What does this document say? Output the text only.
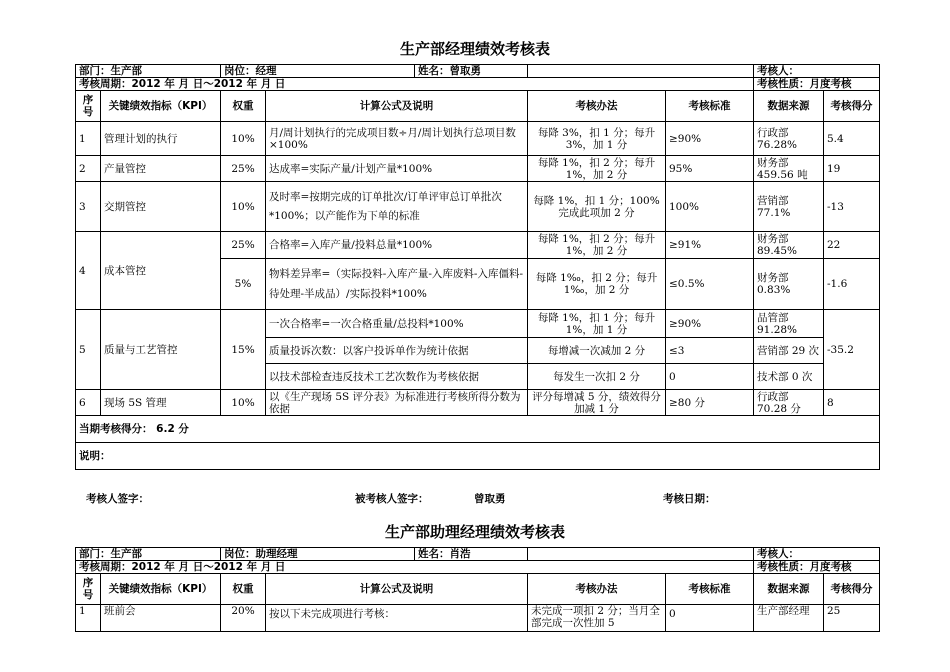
生产部经理绩效考核表
部门：生产部		岗位：经理 姓名：曾取勇				考核人：	
考核周期：2012 年 月 日～2012 年 月 日						考核性质：月度考核	
序号	关键绩效指标（KPI）	权重	计算公式及说明	考核办法	考核标准	数据来源	考核得分
1	管理计划的执行	10%	月/周计划执行的完成项目数÷月/周计划执行总项目数×100%	每降 3%，扣 1 分；每升 3%，加 1 分	≥90%	行政部 76.28%	5.4
2	产量管控	25%	达成率=实际产量/计划产量*100%	每降 1%，扣 2 分；每升 1%，加 2 分	95%	财务部 459.56 吨	19
3	交期管控	10%	及时率=按期完成的订单批次/订单评审总订单批次*100%；以产能作为下单的标准	每降 1%，扣 1 分；100%完成此项加 2 分	100%	营销部 77.1%	-13
4	成本管控	25%	合格率=入库产量/投料总量*100%	每降 1%，扣 2 分；每升 1%，加 2 分	≥91%	财务部 89.45%	22
		5%	物料差异率=（实际投料-入库产量-入库废料-入库僵料-待处理-半成品）/实际投料*100%	每降 1‰，扣 2 分；每升 1‰，加 2 分	≤0.5%	财务部 0.83%	-1.6
5	质量与工艺管控	15%	一次合格率=一次合格重量/总投料*100%	每降 1%，扣 1 分；每升 1%，加 1 分	≥90%	品管部 91.28%	-35.2
			质量投诉次数：以客户投诉单作为统计依据	每增减一次减加 2 分	≤3	营销部 29 次	
			以技术部检查违反技术工艺次数作为考核依据	每发生一次扣 2 分	0	技术部 0 次	
6	现场 5S 管理	10%	以《生产现场 5S 评分表》为标准进行考核所得分数为依据	评分每增减 5 分，绩效得分加减 1 分	≥80 分	行政部 70.28 分	8
当期考核得分： 6.2 分							
说明：							
考核人签字：	被考核人签字：	曾取勇	考核日期：
生产部助理经理绩效考核表
部门：生产部		岗位：助理经理 姓名：肖浩				考核人：	
考核周期：2012 年 月 日～2012 年 月 日						考核性质：月度考核	
序号	关键绩效指标（KPI）	权重	计算公式及说明	考核办法	考核标准	数据来源	考核得分
1	班前会	20%	按以下未完成项进行考核：	未完成一项扣 2 分；当月全部完成一次性加 5	0	生产部经理	25
